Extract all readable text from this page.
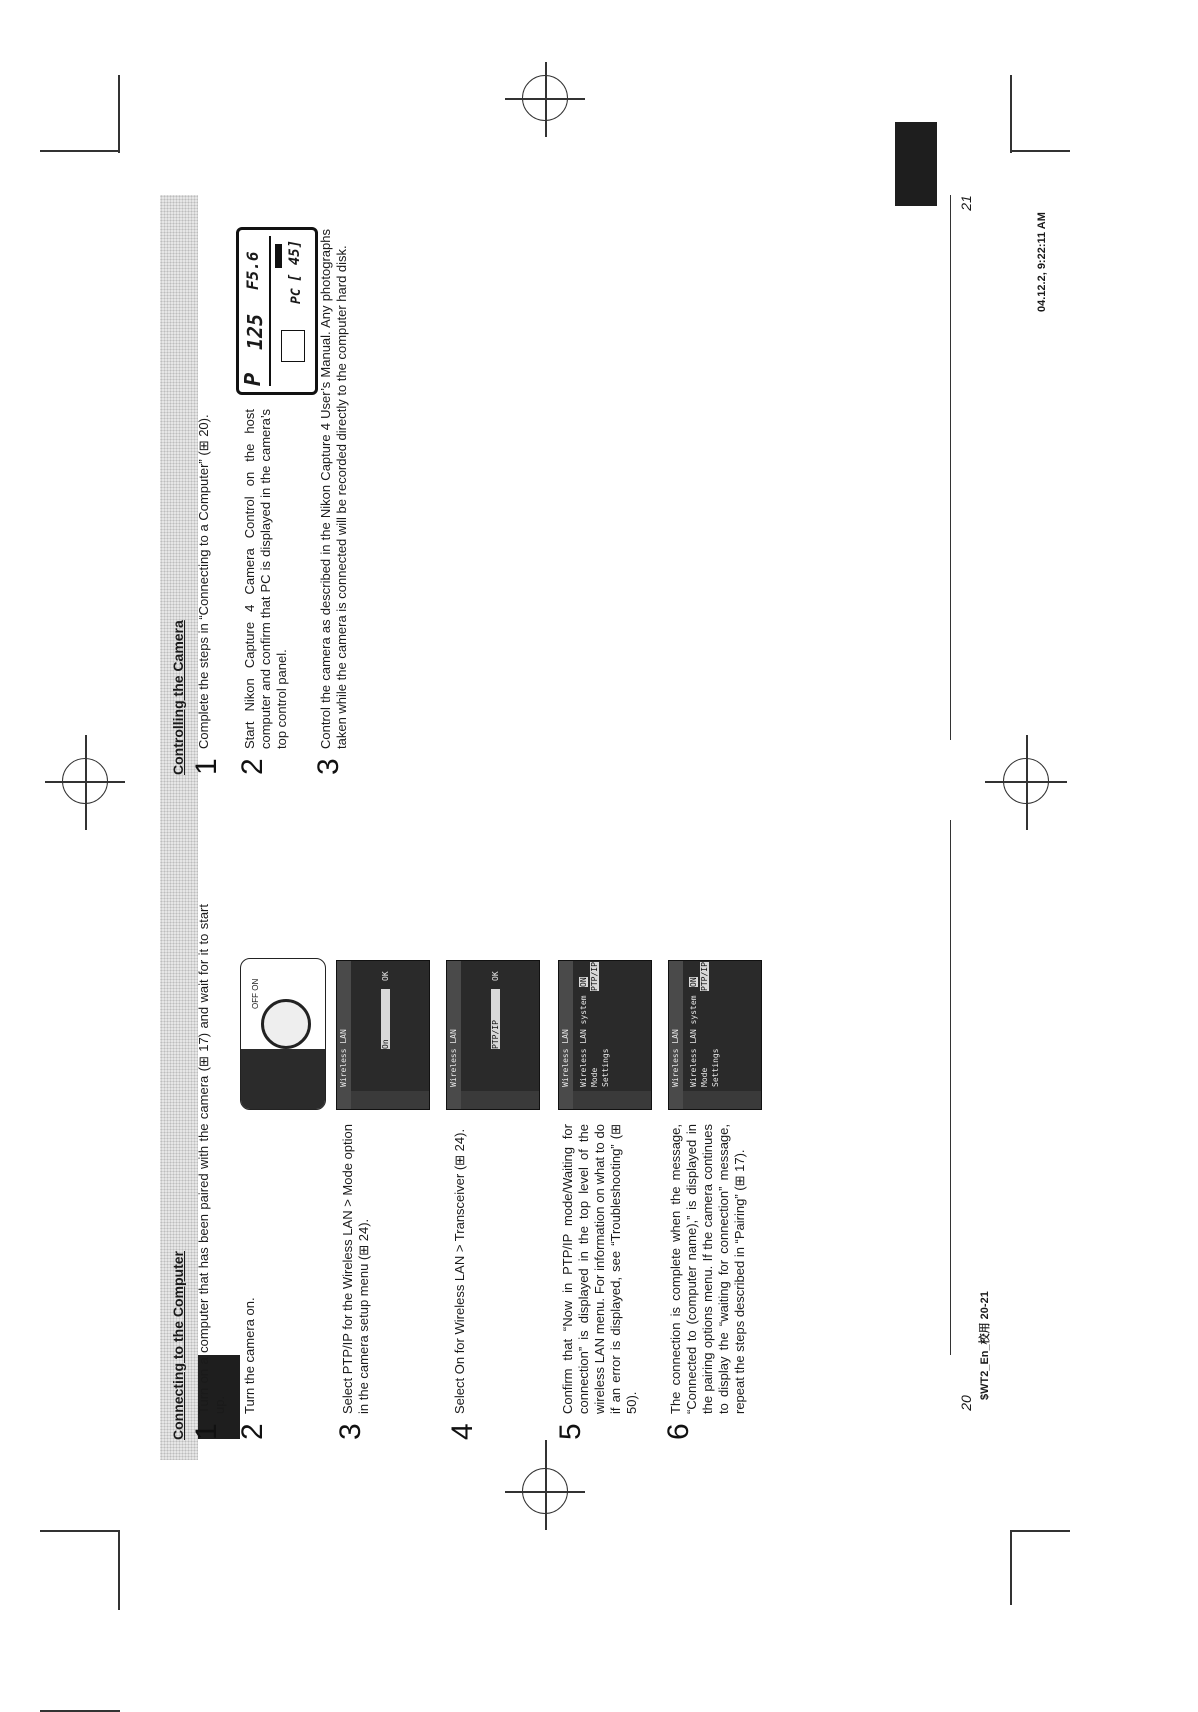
20
21
$WT2_En_校用 20-21
04.12.2, 9:22:11 AM
Connecting to the Computer 1
Turn on a computer that has been paired with the camera (⊞ 17) and wait for it to start up.
2
Turn the camera on.
OFF ON
3
Select PTP/IP for the Wireless LAN > Mode option in the camera setup menu (⊞ 24).
Wireless LAN	On
OK
4
Select On for Wireless LAN > Transceiver (⊞ 24).
Wireless LAN	PTP/IP
OK
5
Confirm that “Now in PTP/IP mode/Waiting for connection” is displayed in the top level of the wireless LAN menu. For information on what to do if an error is displayed, see “Troubleshooting” (⊞ 50).
Wireless LAN Wireless LAN system
ON
Mode
PTP/IP
Settings
6
The connection is complete when the message, “Connected to (computer name),” is displayed in the pairing options menu. If the camera continues to display the “waiting for connection” message, repeat the steps described in “Pairing” (⊞ 17).
Wireless LAN Wireless LAN system
ON
Mode
PTP/IP
Settings
Controlling the Camera 1
Complete the steps in “Connecting to a Computer” (⊞ 20).
2
Start Nikon Capture 4 Camera Control on the host computer and confirm that PC is displayed in the camera’s top control panel.
P
125
F5.6
PC
[ 45]
3
Control the camera as described in the Nikon Capture 4 User’s Manual. Any photographs taken while the camera is connected will be recorded directly to the computer hard disk.
